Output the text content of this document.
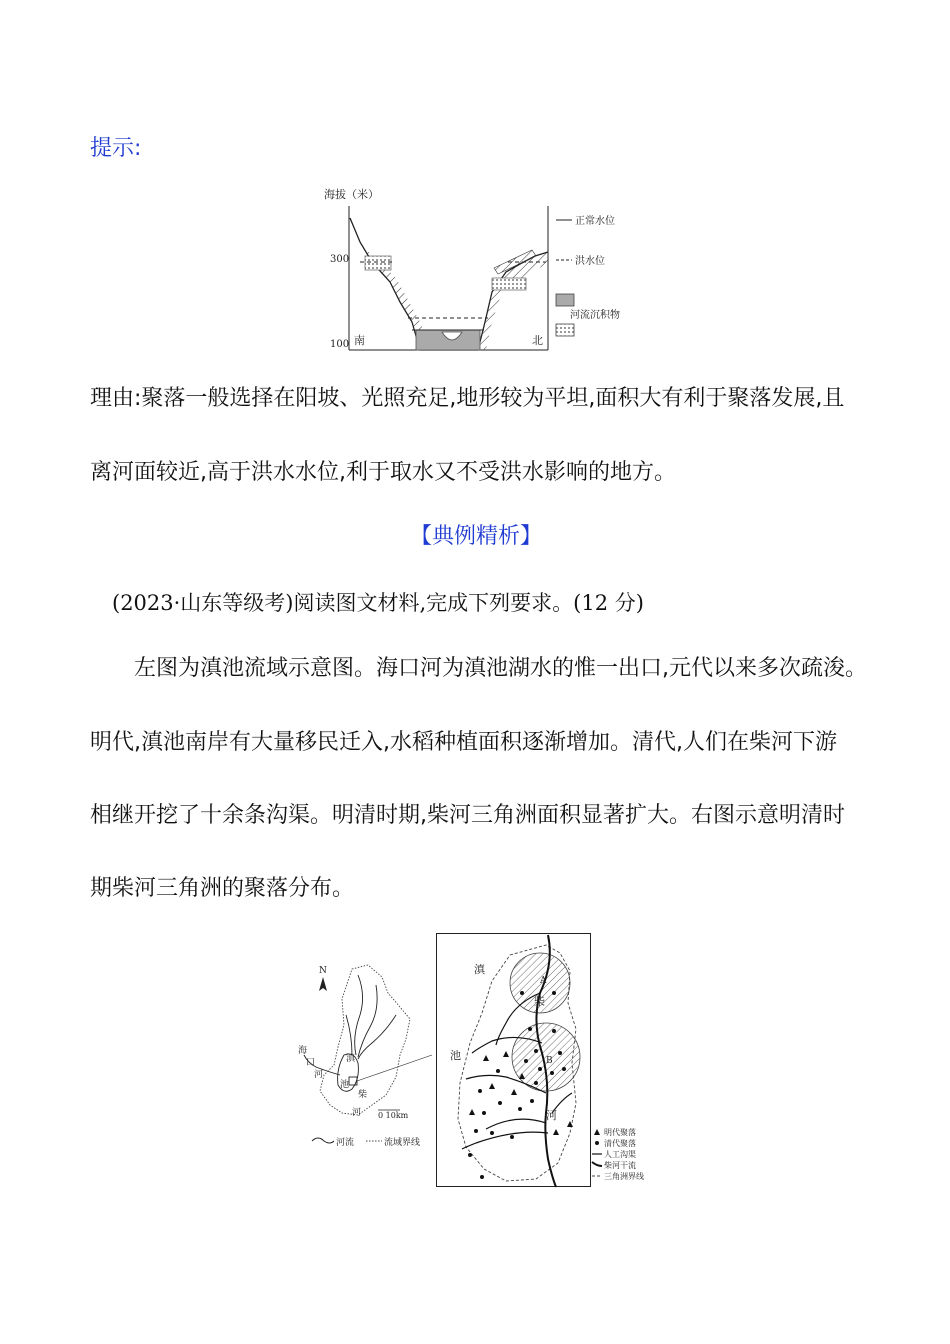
提示:
海拔（米）
300
100 南	北
正常水位
洪水位
河流沉积物
理由:聚落一般选择在阳坡、光照充足,地形较为平坦,面积大有利于聚落发展,且
离河面较近,高于洪水水位,利于取水又不受洪水影响的地方。
【典例精析】
(2023·山东等级考)阅读图文材料,完成下列要求。(12 分)
左图为滇池流域示意图。海口河为滇池湖水的惟一出口,元代以来多次疏浚。
明代,滇池南岸有大量移民迁入,水稻种植面积逐渐增加。清代,人们在柴河下游
相继开挖了十余条沟渠。明清时期,柴河三角洲面积显著扩大。右图示意明清时
期柴河三角洲的聚落分布。
N
海
口
河
滇
池
柴
河 0 10km
河流	流域界线
滇
池
柴
河
A
B
明代聚落
清代聚落
人工沟渠
柴河干流
三角洲界线
